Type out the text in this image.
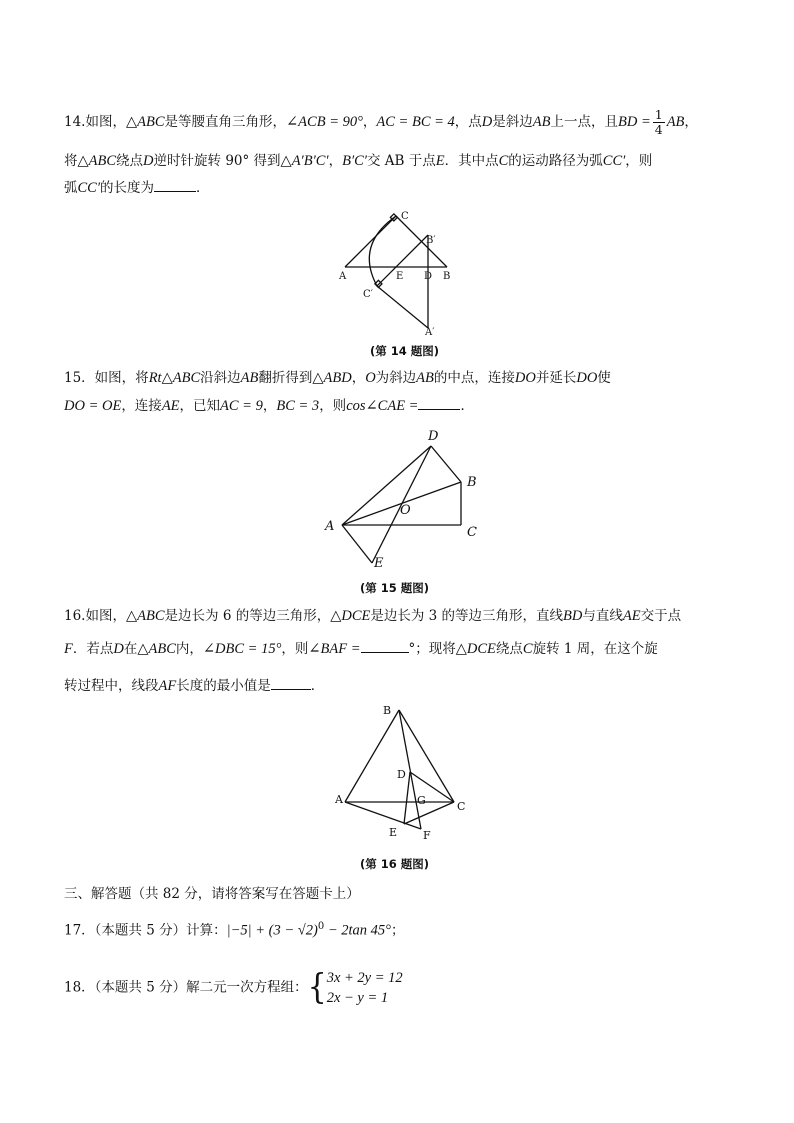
14.如图，△ABC是等腰直角三角形，∠ACB = 90°，AC = BC = 4，点D是斜边AB上一点，且BD = $\frac{1}{4}$ AB，
将△ABC绕点D逆时针旋转 90° 得到△A′B′C′，B′C′交 AB 于点E．其中点C的运动路径为弧CC′，则
弧CC′的长度为	．
A	B
C
D
E
B′
C′
A′
(第 14 题图)
15．如图，将Rt△ABC沿斜边AB翻折得到△ABD，O为斜边AB的中点，连接DO并延长DO使
DO = OE，连接AE，已知AC = 9，BC = 3，则cos∠CAE =	．
A
B
C
D
E
O
(第 15 题图)
16.如图，△ABC是边长为 6 的等边三角形，△DCE是边长为 3 的等边三角形，直线BD与直线AE交于点
F．若点D在△ABC内，∠DBC = 15°，则∠BAF =	°；现将△DCE绕点C旋转 1 周，在这个旋
转过程中，线段AF长度的最小值是	．
A
B
C
D
E F
G
(第 16 题图)
三、解答题（共 82 分，请将答案写在答题卡上）
17．（本题共 5 分）计算：$|-5| + (3 - √2)^0 - 2\tan$ 45°；
18．（本题共 5 分）解二元一次方程组：{ 3x + 2y = 12
2x − y = 1
